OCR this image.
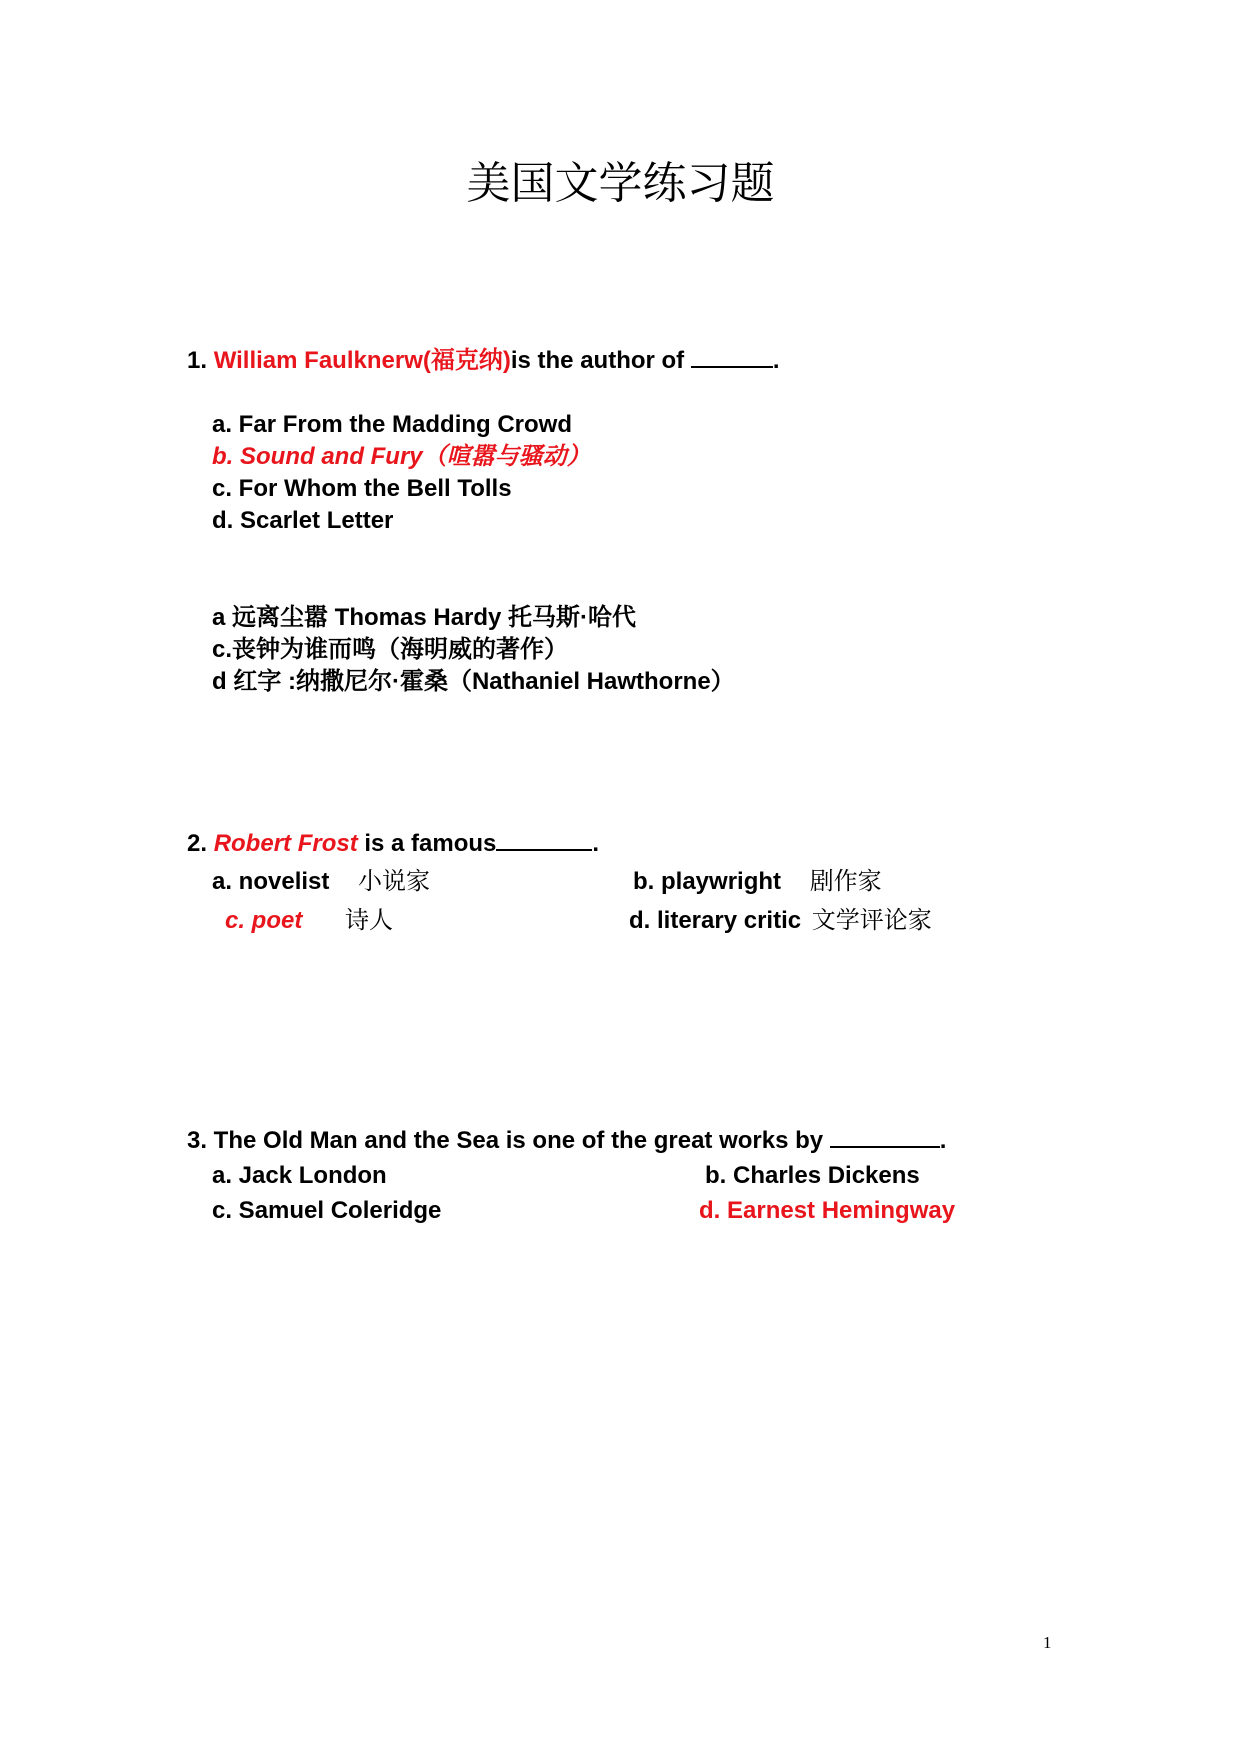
美国文学练习题
1. William Faulknerw(福克纳)is the author of	.
a. Far From the Madding Crowd
b. Sound and Fury（喧嚣与骚动）
c. For Whom the Bell Tolls
d. Scarlet Letter
a 远离尘嚣 Thomas Hardy 托马斯·哈代
c.丧钟为谁而鸣（海明威的著作）
d 红字 :纳撒尼尔·霍桑（Nathaniel Hawthorne）
2. Robert Frost is a famous	.
a. novelist 小说家	b. playwright 剧作家
c. poet 诗人	d. literary critic 文学评论家
3. The Old Man and the Sea is one of the great works by	.
a. Jack London	b. Charles Dickens
c. Samuel Coleridge	d. Earnest Hemingway
1
